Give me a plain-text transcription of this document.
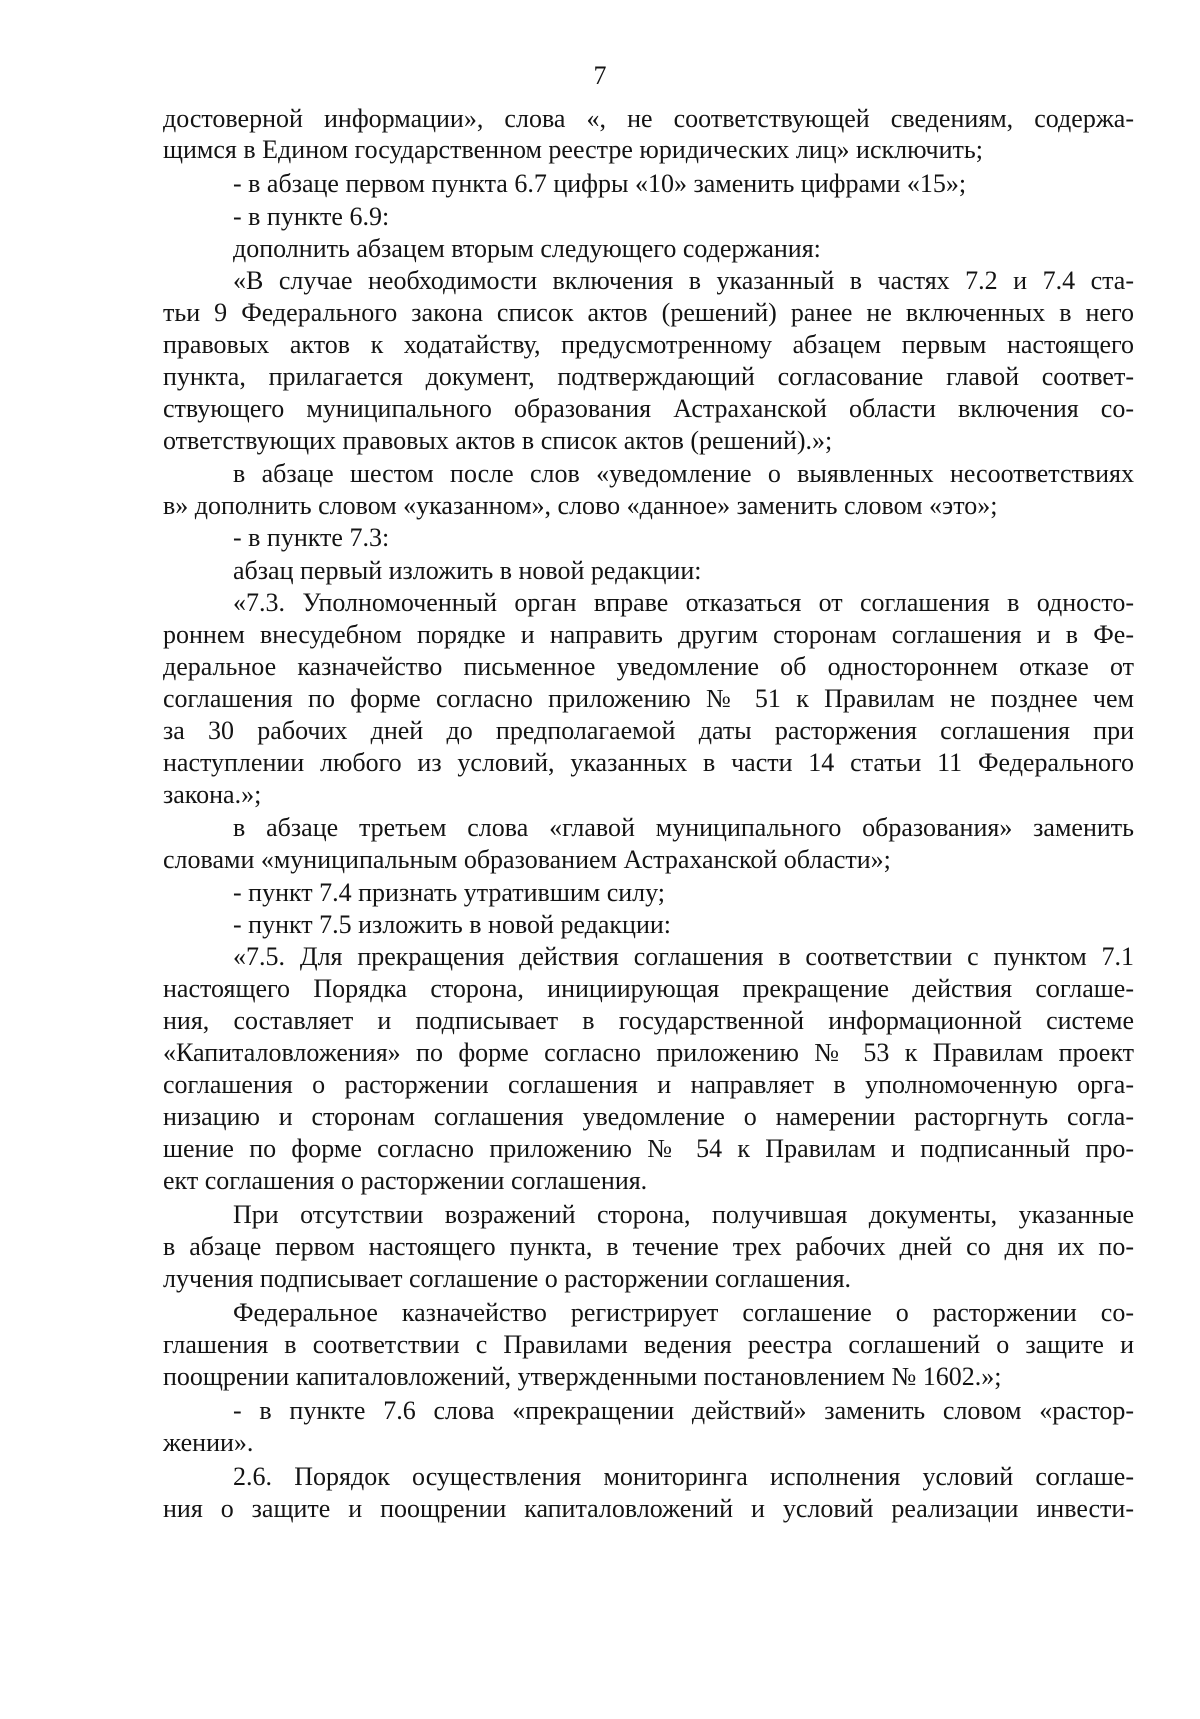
7
достоверной информации», слова «, не соответствующей сведениям, содержа-
щимся в Едином государственном реестре юридических лиц» исключить;
- в абзаце первом пункта 6.7 цифры «10» заменить цифрами «15»;
- в пункте 6.9:
дополнить абзацем вторым следующего содержания:
«В случае необходимости включения в указанный в частях 7.2 и 7.4 ста-
тьи 9 Федерального закона список актов (решений) ранее не включенных в него
правовых актов к ходатайству, предусмотренному абзацем первым настоящего
пункта, прилагается документ, подтверждающий согласование главой соответ-
ствующего муниципального образования Астраханской области включения со-
ответствующих правовых актов в список актов (решений).»;
в абзаце шестом после слов «уведомление о выявленных несоответствиях
в» дополнить словом «указанном», слово «данное» заменить словом «это»;
- в пункте 7.3:
абзац первый изложить в новой редакции:
«7.3. Уполномоченный орган вправе отказаться от соглашения в односто-
роннем внесудебном порядке и направить другим сторонам соглашения и в Фе-
деральное казначейство письменное уведомление об одностороннем отказе от
соглашения по форме согласно приложению № 51 к Правилам не позднее чем
за 30 рабочих дней до предполагаемой даты расторжения соглашения при
наступлении любого из условий, указанных в части 14 статьи 11 Федерального
закона.»;
в абзаце третьем слова «главой муниципального образования» заменить
словами «муниципальным образованием Астраханской области»;
- пункт 7.4 признать утратившим силу;
- пункт 7.5 изложить в новой редакции:
«7.5. Для прекращения действия соглашения в соответствии с пунктом 7.1
настоящего Порядка сторона, инициирующая прекращение действия соглаше-
ния, составляет и подписывает в государственной информационной системе
«Капиталовложения» по форме согласно приложению № 53 к Правилам проект
соглашения о расторжении соглашения и направляет в уполномоченную орга-
низацию и сторонам соглашения уведомление о намерении расторгнуть согла-
шение по форме согласно приложению № 54 к Правилам и подписанный про-
ект соглашения о расторжении соглашения.
При отсутствии возражений сторона, получившая документы, указанные
в абзаце первом настоящего пункта, в течение трех рабочих дней со дня их по-
лучения подписывает соглашение о расторжении соглашения.
Федеральное казначейство регистрирует соглашение о расторжении со-
глашения в соответствии с Правилами ведения реестра соглашений о защите и
поощрении капиталовложений, утвержденными постановлением № 1602.»;
- в пункте 7.6 слова «прекращении действий» заменить словом «растор-
жении».
2.6. Порядок осуществления мониторинга исполнения условий соглаше-
ния о защите и поощрении капиталовложений и условий реализации инвести-
